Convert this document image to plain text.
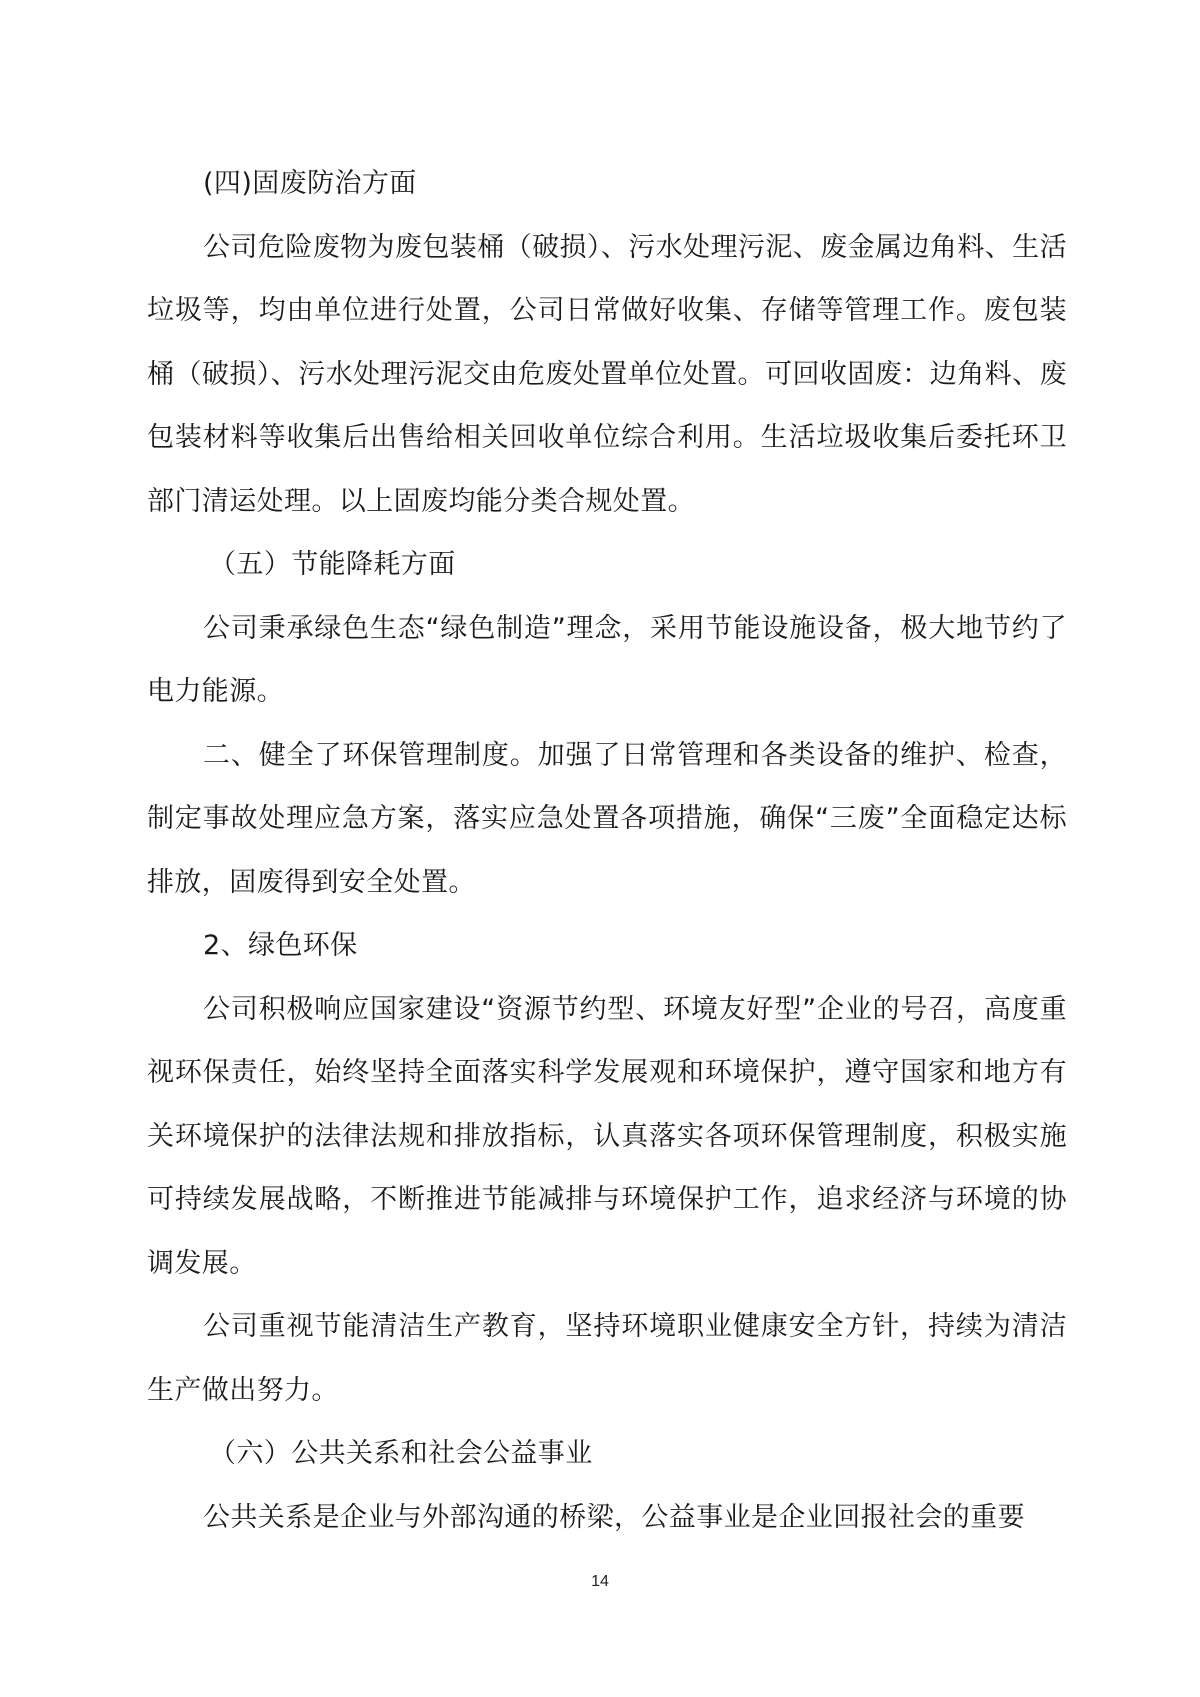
(四)固废防治方面

公司危险废物为废包装桶（破损）、污水处理污泥、废金属边角料、生活垃圾等，均由单位进行处置，公司日常做好收集、存储等管理工作。废包装桶（破损）、污水处理污泥交由危废处置单位处置。可回收固废：边角料、废包装材料等收集后出售给相关回收单位综合利用。生活垃圾收集后委托环卫部门清运处理。以上固废均能分类合规处置。

（五）节能降耗方面

公司秉承绿色生态“绿色制造”理念，采用节能设施设备，极大地节约了电力能源。

二、健全了环保管理制度。加强了日常管理和各类设备的维护、检查，制定事故处理应急方案，落实应急处置各项措施，确保“三废”全面稳定达标排放，固废得到安全处置。

2、绿色环保

公司积极响应国家建设“资源节约型、环境友好型”企业的号召，高度重视环保责任，始终坚持全面落实科学发展观和环境保护，遵守国家和地方有关环境保护的法律法规和排放指标，认真落实各项环保管理制度，积极实施可持续发展战略，不断推进节能减排与环境保护工作，追求经济与环境的协调发展。

公司重视节能清洁生产教育，坚持环境职业健康安全方针，持续为清洁生产做出努力。

（六）公共关系和社会公益事业

公共关系是企业与外部沟通的桥梁，公益事业是企业回报社会的重要

14
